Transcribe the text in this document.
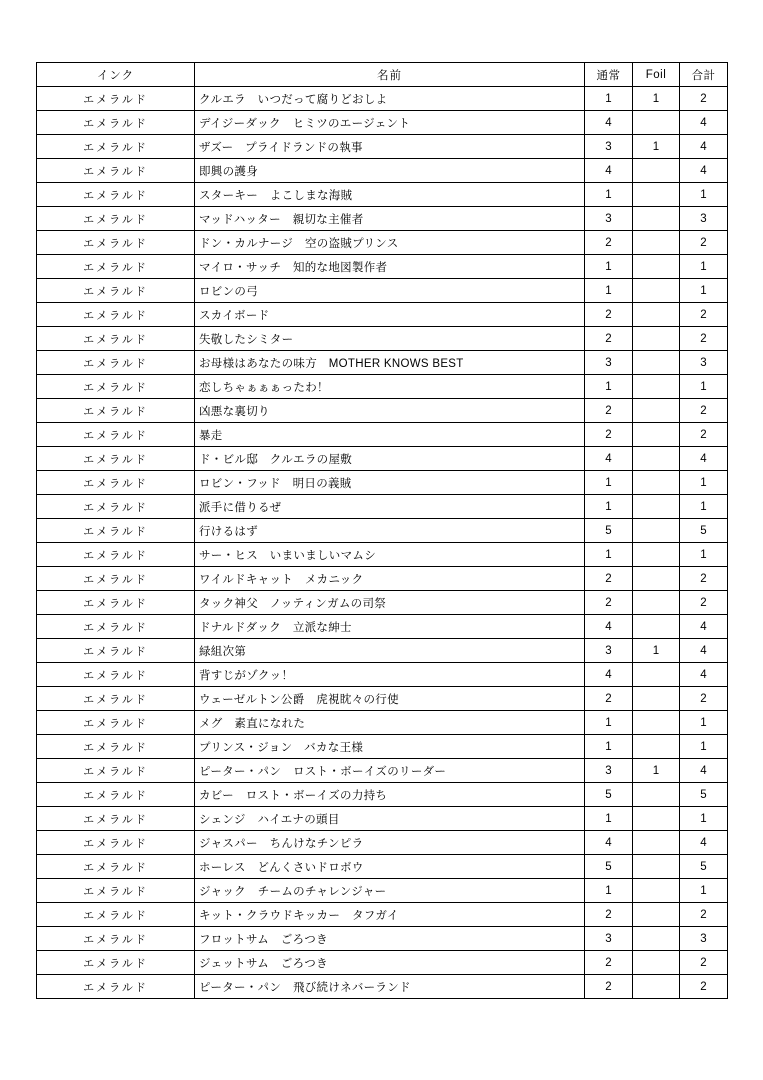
インク	名前	通常	Foil	合計
エメラルド	クルエラ　いつだって腐りどおしよ	1	1	2
エメラルド	デイジーダック　ヒミツのエージェント	4		4
エメラルド	ザズー　プライドランドの執事	3	1	4
エメラルド	即興の護身	4		4
エメラルド	スターキー　よこしまな海賊	1		1
エメラルド	マッドハッター　親切な主催者	3		3
エメラルド	ドン・カルナージ　空の盗賊プリンス	2		2
エメラルド	マイロ・サッチ　知的な地図製作者	1		1
エメラルド	ロビンの弓	1		1
エメラルド	スカイボード	2		2
エメラルド	失敬したシミター	2		2
エメラルド	お母様はあなたの味方　MOTHER KNOWS BEST	3		3
エメラルド	恋しちゃぁぁぁったわ！	1		1
エメラルド	凶悪な裏切り	2		2
エメラルド	暴走	2		2
エメラルド	ド・ビル邸　クルエラの屋敷	4		4
エメラルド	ロビン・フッド　明日の義賊	1		1
エメラルド	派手に借りるぜ	1		1
エメラルド	行けるはず	5		5
エメラルド	サー・ヒス　いまいましいマムシ	1		1
エメラルド	ワイルドキャット　メカニック	2		2
エメラルド	タック神父　ノッティンガムの司祭	2		2
エメラルド	ドナルドダック　立派な紳士	4		4
エメラルド	緑組次第	3	1	4
エメラルド	背すじがゾクッ！	4		4
エメラルド	ウェーゼルトン公爵　虎視眈々の行使	2		2
エメラルド	メグ　素直になれた	1		1
エメラルド	プリンス・ジョン　バカな王様	1		1
エメラルド	ピーター・パン　ロスト・ボーイズのリーダー	3	1	4
エメラルド	カビー　ロスト・ボーイズの力持ち	5		5
エメラルド	シェンジ　ハイエナの頭目	1		1
エメラルド	ジャスパー　ちんけなチンピラ	4		4
エメラルド	ホーレス　どんくさいドロボウ	5		5
エメラルド	ジャック　チームのチャレンジャー	1		1
エメラルド	キット・クラウドキッカー　タフガイ	2		2
エメラルド	フロットサム　ごろつき	3		3
エメラルド	ジェットサム　ごろつき	2		2
エメラルド	ピーター・パン　飛び続けネバーランド	2		2
